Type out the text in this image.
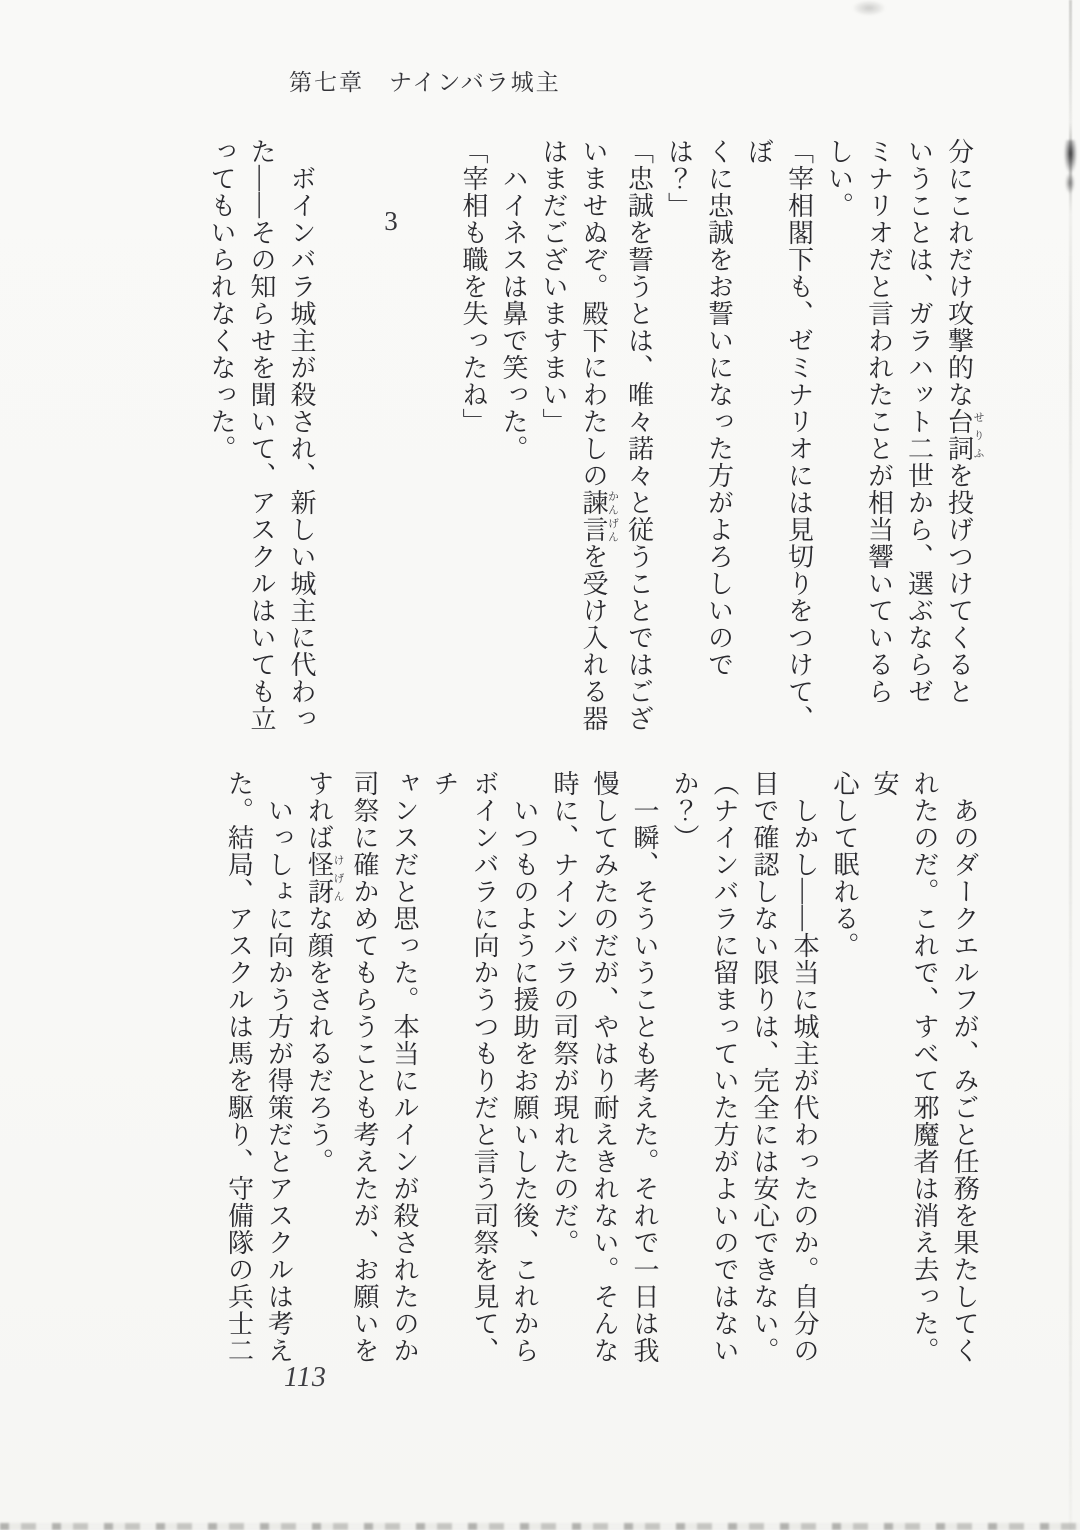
第七章　ナインバラ城主

分にこれだけ攻撃的な台詞せりふを投げつけてくると

いうことは、ガラハット二世から、選ぶならゼ

ミナリオだと言われたことが相当響いているら

しい。

「宰相閣下も、ゼミナリオには見切りをつけて、ぼ

くに忠誠をお誓いになった方がよろしいのでは？」

「忠誠を誓うとは、唯々諾々と従うことではござ

いませぬぞ。殿下にわたしの諫言かんげんを受け入れる器

はまだございますまい」

　ハイネスは鼻で笑った。

「宰相も職を失ったね」

3

　ボインバラ城主が殺され、新しい城主に代わっ

た――その知らせを聞いて、アスクルはいても立

ってもいられなくなった。

　あのダークエルフが、みごと任務を果たしてく

れたのだ。これで、すべて邪魔者は消え去った。安

心して眠れる。

　しかし――本当に城主が代わったのか。自分の

目で確認しない限りは、完全には安心できない。

（ナインバラに留まっていた方がよいのではない

か？）

　一瞬、そういうことも考えた。それで一日は我

慢してみたのだが、やはり耐えきれない。そんな

時に、ナインバラの司祭が現れたのだ。

　いつものように援助をお願いした後、これから

ボインバラに向かうつもりだと言う司祭を見て、チ

ャンスだと思った。本当にルインが殺されたのか

司祭に確かめてもらうことも考えたが、お願いを

すれば怪訝けげんな顔をされるだろう。

　いっしょに向かう方が得策だとアスクルは考え

た。結局、アスクルは馬を駆り、守備隊の兵士二

113
